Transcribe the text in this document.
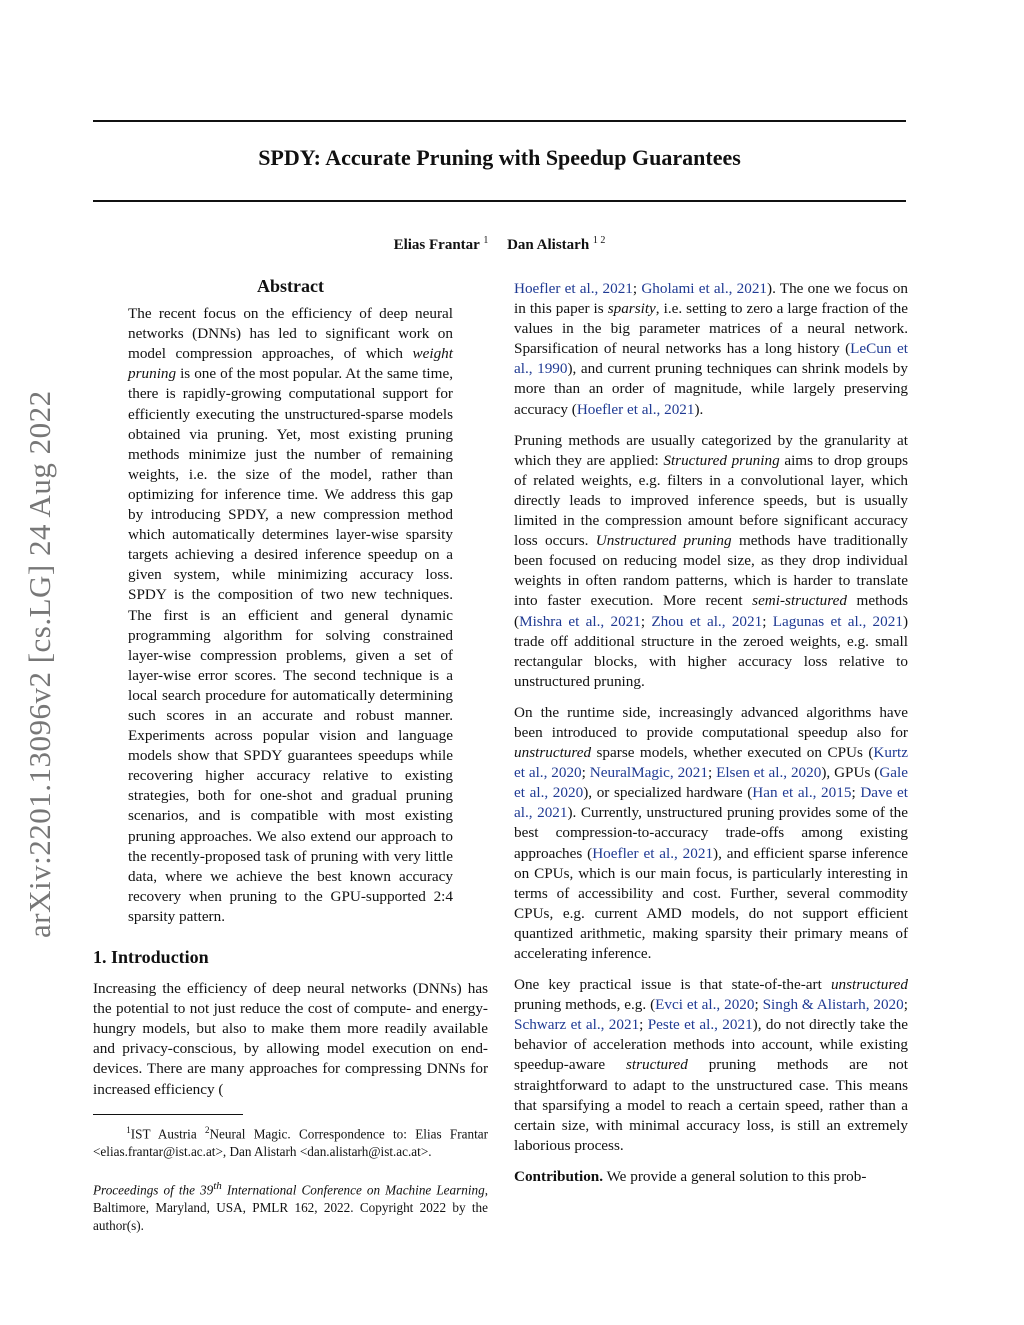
SPDY: Accurate Pruning with Speedup Guarantees
Elias Frantar $^1$ Dan Alistarh $^{1 2}$
arXiv:2201.13096v2 [cs.LG] 24 Aug 2022
Abstract

The recent focus on the efficiency of deep neural networks (DNNs) has led to significant work on model compression approaches, of which weight pruning is one of the most popular. At the same time, there is rapidly-growing computational support for efficiently executing the unstructured-sparse models obtained via pruning. Yet, most existing pruning methods minimize just the number of remaining weights, i.e. the size of the model, rather than optimizing for inference time. We address this gap by introducing SPDY, a new compression method which automatically determines layer-wise sparsity targets achieving a desired inference speedup on a given system, while minimizing accuracy loss. SPDY is the composition of two new techniques. The first is an efficient and general dynamic programming algorithm for solving constrained layer-wise compression problems, given a set of layer-wise error scores. The second technique is a local search procedure for automatically determining such scores in an accurate and robust manner. Experiments across popular vision and language models show that SPDY guarantees speedups while recovering higher accuracy relative to existing strategies, both for one-shot and gradual pruning scenarios, and is compatible with most existing pruning approaches. We also extend our approach to the recently-proposed task of pruning with very little data, where we achieve the best known accuracy recovery when pruning to the GPU-supported 2:4 sparsity pattern.

1. Introduction

Increasing the efficiency of deep neural networks (DNNs) has the potential to not just reduce the cost of compute- and energy-hungry models, but also to make them more readily available and privacy-conscious, by allowing model execution on end-devices. There are many approaches for compressing DNNs for increased efficiency (

$^1$IST Austria $^2$Neural Magic. Correspondence to: Elias Frantar <elias.frantar@ist.ac.at>, Dan Alistarh <dan.alistarh@ist.ac.at>.

Proceedings of the 39th International Conference on Machine Learning, Baltimore, Maryland, USA, PMLR 162, 2022. Copyright 2022 by the author(s).

Hoefler et al., 2021; Gholami et al., 2021). The one we focus on in this paper is sparsity, i.e. setting to zero a large fraction of the values in the big parameter matrices of a neural network. Sparsification of neural networks has a long history (LeCun et al., 1990), and current pruning techniques can shrink models by more than an order of magnitude, while largely preserving accuracy (Hoefler et al., 2021).

Pruning methods are usually categorized by the granularity at which they are applied: Structured pruning aims to drop groups of related weights, e.g. filters in a convolutional layer, which directly leads to improved inference speeds, but is usually limited in the compression amount before significant accuracy loss occurs. Unstructured pruning methods have traditionally been focused on reducing model size, as they drop individual weights in often random patterns, which is harder to translate into faster execution. More recent semi-structured methods (Mishra et al., 2021; Zhou et al., 2021; Lagunas et al., 2021) trade off additional structure in the zeroed weights, e.g. small rectangular blocks, with higher accuracy loss relative to unstructured pruning.

On the runtime side, increasingly advanced algorithms have been introduced to provide computational speedup also for unstructured sparse models, whether executed on CPUs (Kurtz et al., 2020; NeuralMagic, 2021; Elsen et al., 2020), GPUs (Gale et al., 2020), or specialized hardware (Han et al., 2015; Dave et al., 2021). Currently, unstructured pruning provides some of the best compression-to-accuracy trade-offs among existing approaches (Hoefler et al., 2021), and efficient sparse inference on CPUs, which is our main focus, is particularly interesting in terms of accessibility and cost. Further, several commodity CPUs, e.g. current AMD models, do not support efficient quantized arithmetic, making sparsity their primary means of accelerating inference.

One key practical issue is that state-of-the-art unstructured pruning methods, e.g. (Evci et al., 2020; Singh & Alistarh, 2020; Schwarz et al., 2021; Peste et al., 2021), do not directly take the behavior of acceleration methods into account, while existing speedup-aware structured pruning methods are not straightforward to adapt to the unstructured case. This means that sparsifying a model to reach a certain speed, rather than a certain size, with minimal accuracy loss, is still an extremely laborious process.

Contribution. We provide a general solution to this prob-
